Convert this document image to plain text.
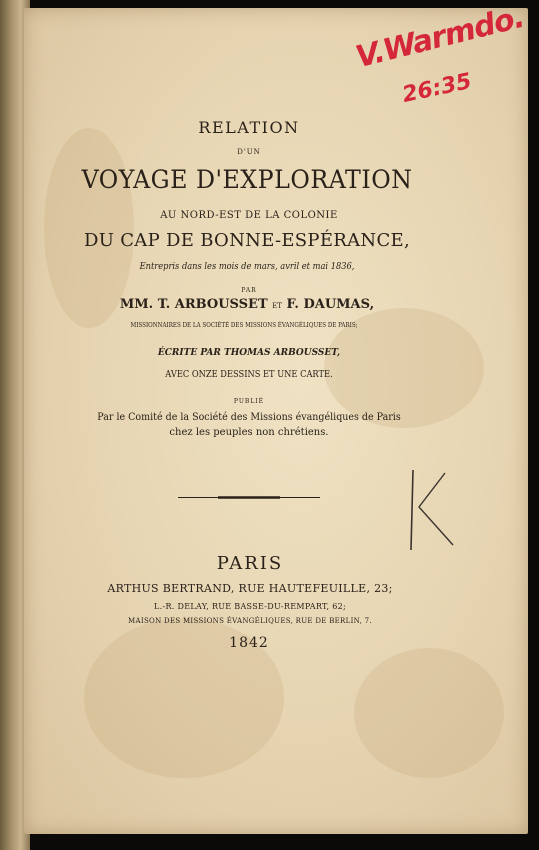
RELATION
D'UN
VOYAGE D'EXPLORATION
AU NORD-EST DE LA COLONIE
DU CAP DE BONNE-ESPÉRANCE,
Entrepris dans les mois de mars, avril et mai 1836,
PAR
MM. T. ARBOUSSET ET F. DAUMAS,
MISSIONNAIRES DE LA SOCIÉTÉ DES MISSIONS ÉVANGÉLIQUES DE PARIS;
ÉCRITE PAR THOMAS ARBOUSSET,
AVEC ONZE DESSINS ET UNE CARTE.
PUBLIÉ
Par le Comité de la Société des Missions évangéliques de Paris
chez les peuples non chrétiens.
PARIS
ARTHUS BERTRAND, RUE HAUTEFEUILLE, 23;
L.-R. DELAY, RUE BASSE-DU-REMPART, 62;
MAISON DES MISSIONS ÉVANGÉLIQUES, RUE DE BERLIN, 7.
1842
V.Warmdo.
26:35
